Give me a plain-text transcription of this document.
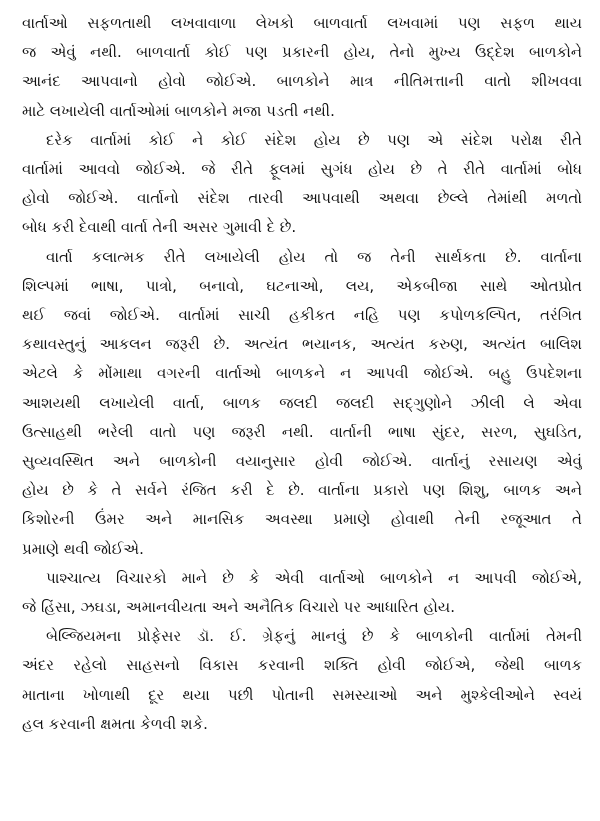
વાર્તાઓ સફળતાથી લખવાવાળા લેખકો બાળવાર્તા લખવામાં પણ સફળ થાય
જ એવું નથી. બાળવાર્તા કોઈ પણ પ્રકારની હોય, તેનો મુખ્ય ઉદ્દેશ બાળકોને
આનંદ આપવાનો હોવો જોઈએ. બાળકોને માત્ર નીતિમત્તાની વાતો શીખવવા
માટે લખાયેલી વાર્તાઓમાં બાળકોને મજા પડતી નથી.
દરેક વાર્તામાં કોઈ ને કોઈ સંદેશ હોય છે પણ એ સંદેશ પરોક્ષ રીતે
વાર્તામાં આવવો જોઈએ. જે રીતે ફૂલમાં સુગંધ હોય છે તે રીતે વાર્તામાં બોધ
હોવો જોઈએ. વાર્તાનો સંદેશ તારવી આપવાથી અથવા છેલ્લે તેમાંથી મળતો
બોધ કરી દેવાથી વાર્તા તેની અસર ગુમાવી દે છે.
વાર્તા કલાત્મક રીતે લખાયેલી હોય તો જ તેની સાર્થકતા છે. વાર્તાના
શિલ્પમાં ભાષા, પાત્રો, બનાવો, ઘટનાઓ, લય, એકબીજા સાથે ઓતપ્રોત
થઈ જવાં જોઈએ. વાર્તામાં સાચી હકીકત નહિ પણ કપોળકલ્પિત, તરંગિત
કથાવસ્તુનું આકલન જરૂરી છે. અત્યંત ભયાનક, અત્યંત કરુણ, અત્યંત બાલિશ
એટલે કે મોંમાથા વગરની વાર્તાઓ બાળકને ન આપવી જોઈએ. બહુ ઉપદેશના
આશયથી લખાયેલી વાર્તા, બાળક જલદી જલદી સદ્ગુણોને ઝીલી લે એવા
ઉત્સાહથી ભરેલી વાતો પણ જરૂરી નથી. વાર્તાની ભાષા સુંદર, સરળ, સુઘડિત,
સુવ્યવસ્થિત અને બાળકોની વયાનુસાર હોવી જોઈએ. વાર્તાનું રસાયણ એવું
હોય છે કે તે સર્વને રંજિત કરી દે છે. વાર્તાના પ્રકારો પણ શિશુ, બાળક અને
કિશોરની ઉંમર અને માનસિક અવસ્થા પ્રમાણે હોવાથી તેની રજૂઆત તે
પ્રમાણે થવી જોઈએ.
પાશ્ચાત્ય વિચારકો માને છે કે એવી વાર્તાઓ બાળકોને ન આપવી જોઈએ,
જે હિંસા, ઝઘડા, અમાનવીયતા અને અનૈતિક વિચારો પર આધારિત હોય.
બેલ્જિયમના પ્રોફેસર ડૉ. ઈ. ગ્રેફનું માનવું છે કે બાળકોની વાર્તામાં તેમની
અંદર રહેલો સાહસનો વિકાસ કરવાની શક્તિ હોવી જોઈએ, જેથી બાળક
માતાના ખોળાથી દૂર થયા પછી પોતાની સમસ્યાઓ અને મુશ્કેલીઓને સ્વયં
હલ કરવાની ક્ષમતા કેળવી શકે.
